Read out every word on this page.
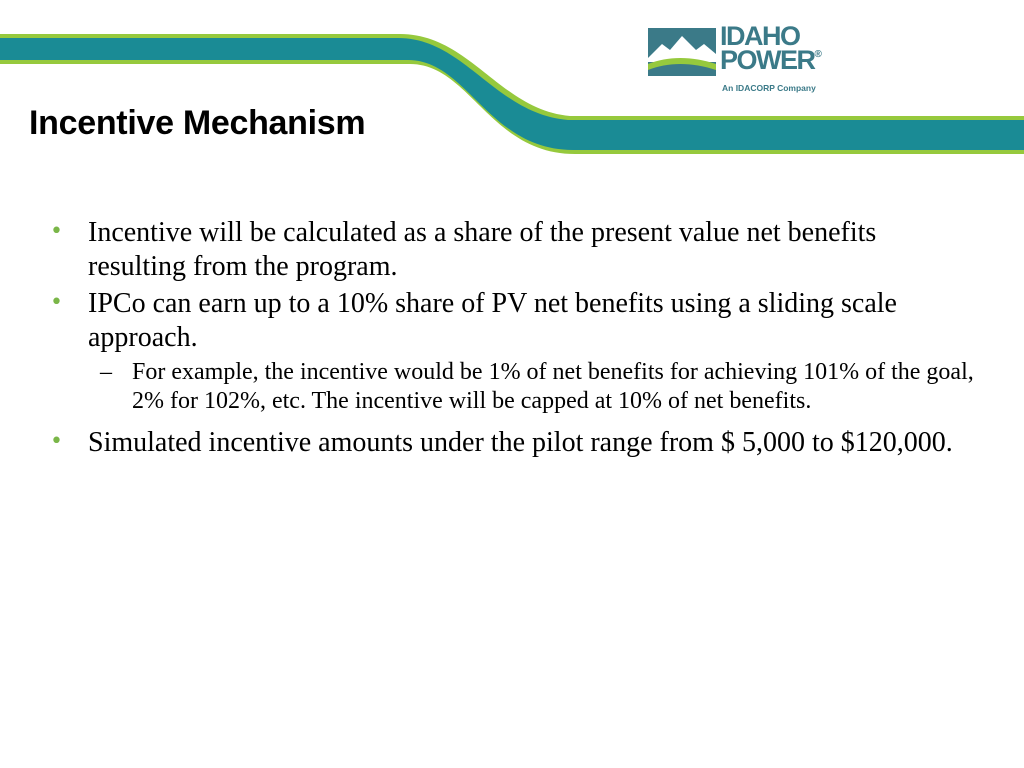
IDAHO
POWER®
An IDACORP Company
Incentive Mechanism

• Incentive will be calculated as a share of the present value net benefits resulting from the program.

• IPCo can earn up to a 10% share of PV net benefits using a sliding scale approach.

– For example, the incentive would be 1% of net benefits for achieving 101% of the goal, 2% for 102%, etc. The incentive will be capped at 10% of net benefits.

• Simulated incentive amounts under the pilot range from $ 5,000 to $120,000.
